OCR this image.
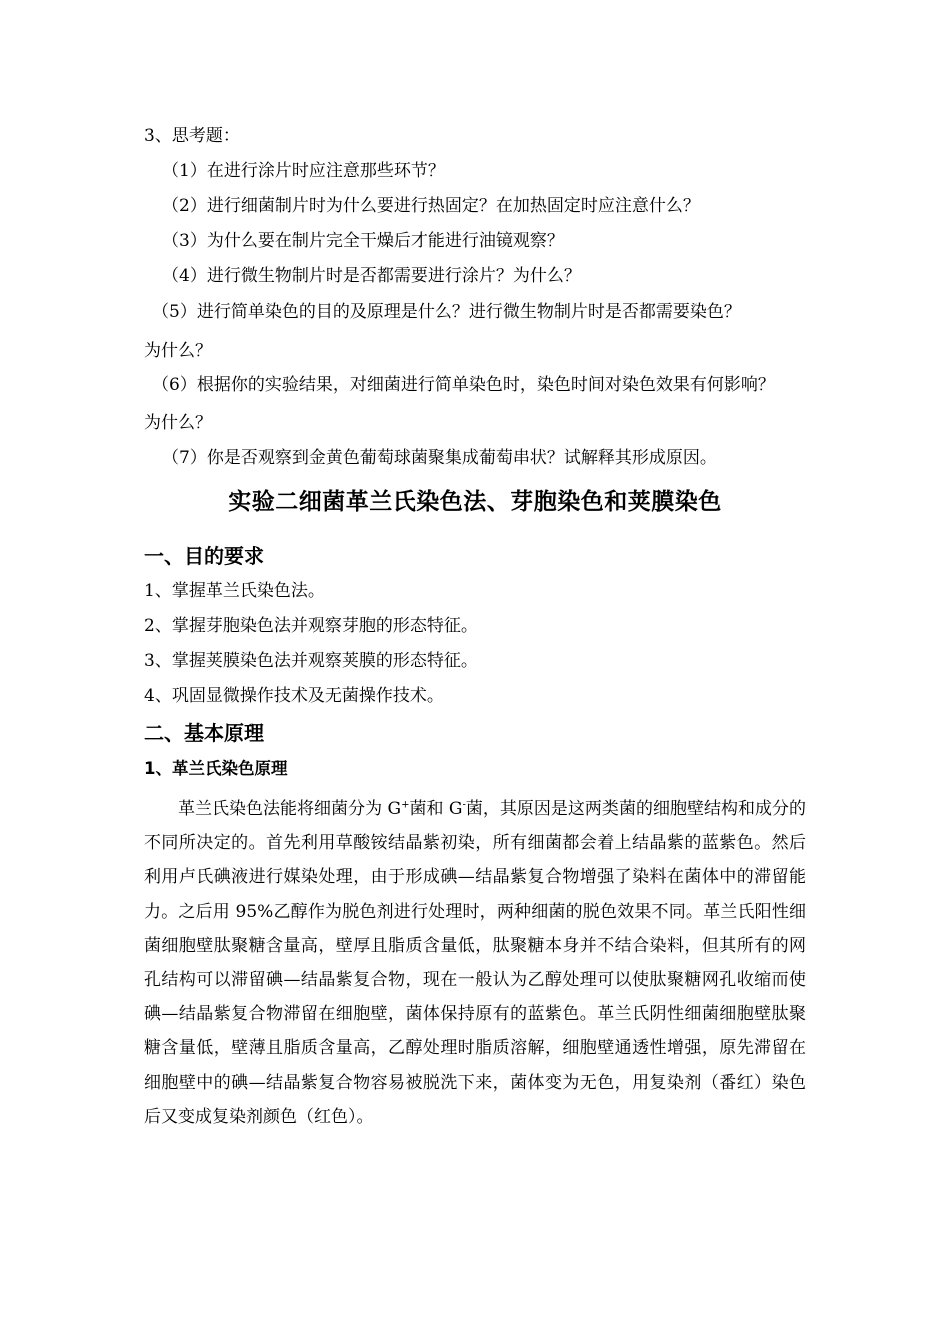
3、思考题：
（1）在进行涂片时应注意那些环节？
（2）进行细菌制片时为什么要进行热固定？在加热固定时应注意什么？
（3）为什么要在制片完全干燥后才能进行油镜观察？
（4）进行微生物制片时是否都需要进行涂片？为什么？
（5）进行简单染色的目的及原理是什么？进行微生物制片时是否都需要染色？
为什么？
（6）根据你的实验结果，对细菌进行简单染色时，染色时间对染色效果有何影响？
为什么？
（7）你是否观察到金黄色葡萄球菌聚集成葡萄串状？试解释其形成原因。
实验二细菌革兰氏染色法、芽胞染色和荚膜染色
一、目的要求
1、掌握革兰氏染色法。
2、掌握芽胞染色法并观察芽胞的形态特征。
3、掌握荚膜染色法并观察荚膜的形态特征。
4、巩固显微操作技术及无菌操作技术。
二、基本原理
1、革兰氏染色原理

革兰氏染色法能将细菌分为 G+菌和 G-菌，其原因是这两类菌的细胞壁结构和成分的不同所决定的。首先利用草酸铵结晶紫初染，所有细菌都会着上结晶紫的蓝紫色。然后利用卢氏碘液进行媒染处理，由于形成碘—结晶紫复合物增强了染料在菌体中的滞留能力。之后用 95%乙醇作为脱色剂进行处理时，两种细菌的脱色效果不同。革兰氏阳性细菌细胞壁肽聚糖含量高，壁厚且脂质含量低，肽聚糖本身并不结合染料，但其所有的网孔结构可以滞留碘—结晶紫复合物，现在一般认为乙醇处理可以使肽聚糖网孔收缩而使碘—结晶紫复合物滞留在细胞壁，菌体保持原有的蓝紫色。革兰氏阴性细菌细胞壁肽聚糖含量低，壁薄且脂质含量高，乙醇处理时脂质溶解，细胞壁通透性增强，原先滞留在细胞壁中的碘—结晶紫复合物容易被脱洗下来，菌体变为无色，用复染剂（番红）染色后又变成复染剂颜色（红色）。
